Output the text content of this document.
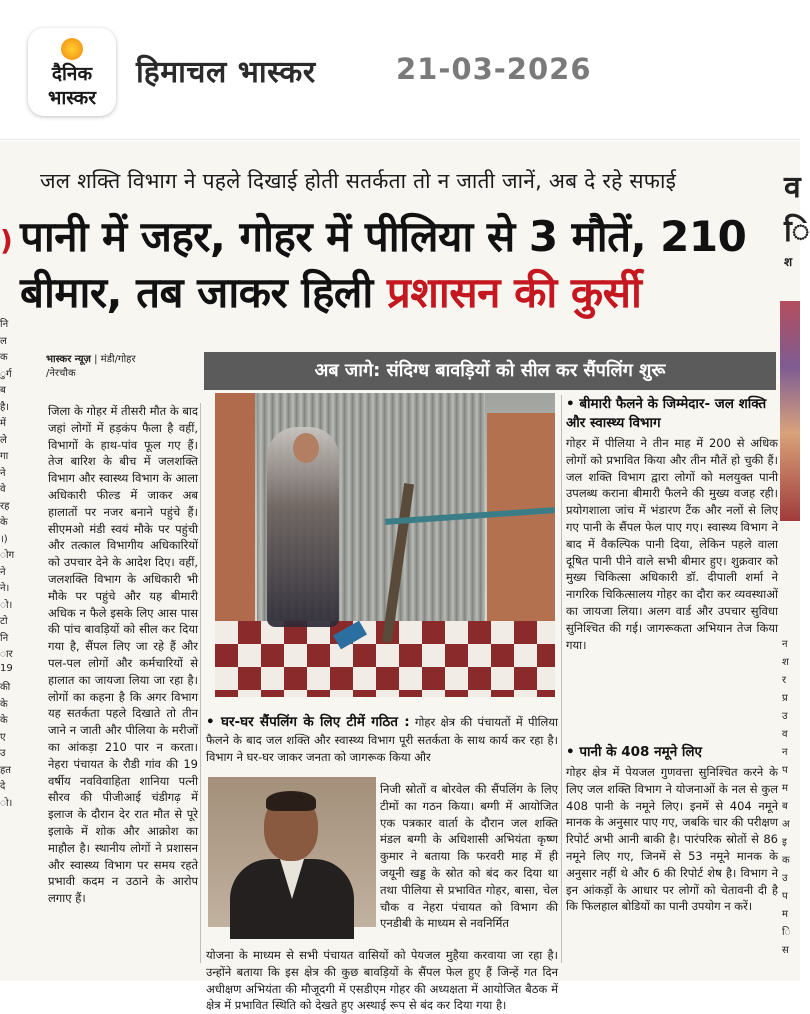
दैनिक
भास्कर
हिमाचल भास्कर	21-03-2026
नि
ल
क
ुर्ग
ब
है।
में
ले
गा
ने
वे
रह
के
।)
ोग
ने
ने।
ो।
टो
नि
ार
19
की
के
के
ए
उ
हत
दे
ो।
)
व
ि
श
न
श
र
प्र
उ
व
न
प
म
ब
अ
इ
क
उ
प
म
ि
स
जल शक्ति विभाग ने पहले दिखाई होती सतर्कता तो न जाती जानें, अब दे रहे सफाई
पानी में जहर, गोहर में पीलिया से 3 मौतें, 210 बीमार, तब जाकर हिली प्रशासन की कुर्सी
भास्कर न्यूज़ | मंडी/गोहर
/नेरचौक	अब जागे: संदिग्ध बावड़ियों को सील कर सैंपलिंग शुरू
जिला के गोहर में तीसरी मौत के बाद जहां लोगों में हड़कंप फैला है वहीं, विभागों के हाथ-पांव फूल गए हैं। तेज बारिश के बीच में जलशक्ति विभाग और स्वास्थ्य विभाग के आला अधिकारी फील्ड में जाकर अब हालातों पर नजर बनाने पहुंचे हैं। सीएमओ मंडी स्वयं मौके पर पहुंची और तत्काल विभागीय अधिकारियों को उपचार देने के आदेश दिए। वहीं, जलशक्ति विभाग के अधिकारी भी मौके पर पहुंचे और यह बीमारी अधिक न फैले इसके लिए आस पास की पांच बावड़ियों को सील कर दिया गया है, सैंपल लिए जा रहे हैं और पल-पल लोगों और कर्मचारियों से हालात का जायजा लिया जा रहा है। लोगों का कहना है कि अगर विभाग यह सतर्कता पहले दिखाते तो तीन जाने न जाती और पीलिया के मरीजों का आंकड़ा 210 पार न करता। नेहरा पंचायत के रौडी गांव की 19 वर्षीय नवविवाहिता शानिया पत्नी सौरव की पीजीआई चंडीगढ़ में इलाज के दौरान देर रात मौत से पूरे इलाके में शोक और आक्रोश का माहौल है। स्थानीय लोगों ने प्रशासन और स्वास्थ्य विभाग पर समय रहते प्रभावी कदम न उठाने के आरोप लगाए हैं।
• घर-घर सैंपलिंग के लिए टीमें गठित : गोहर क्षेत्र की पंचायतों में पीलिया फैलने के बाद जल शक्ति और स्वास्थ्य विभाग पूरी सतर्कता के साथ कार्य कर रहा है। विभाग ने घर-घर जाकर जनता को जागरूक किया और
निजी स्रोतों व बोरवेल की सैंपलिंग के लिए टीमों का गठन किया। बग्गी में आयोजित एक पत्रकार वार्ता के दौरान जल शक्ति मंडल बग्गी के अधिशासी अभियंता कृष्ण कुमार ने बताया कि फरवरी माह में ही जयूनी खड्ड के स्रोत को बंद कर दिया था तथा पीलिया से प्रभावित गोहर, बासा, चेल चौक व नेहरा पंचायत को विभाग की एनडीबी के माध्यम से नवनिर्मित
योजना के माध्यम से सभी पंचायत वासियों को पेयजल मुहैया करवाया जा रहा है।उन्होंने बताया कि इस क्षेत्र की कुछ बावड़ियों के सैंपल फेल हुए हैं जिन्हें गत दिन अधीक्षण अभियंता की मौजूदगी में एसडीएम गोहर की अध्यक्षता में आयोजित बैठक में क्षेत्र में प्रभावित स्थिति को देखते हुए अस्थाई रूप से बंद कर दिया गया है।
• बीमारी फैलने के जिम्मेदार- जल शक्ति और स्वास्थ्य विभाग
गोहर में पीलिया ने तीन माह में 200 से अधिक लोगों को प्रभावित किया और तीन मौतें हो चुकी हैं। जल शक्ति विभाग द्वारा लोगों को मलयुक्त पानी उपलब्ध कराना बीमारी फैलने की मुख्य वजह रही। प्रयोगशाला जांच में भंडारण टैंक और नलों से लिए गए पानी के सैंपल फेल पाए गए। स्वास्थ्य विभाग ने बाद में वैकल्पिक पानी दिया, लेकिन पहले वाला दूषित पानी पीने वाले सभी बीमार हुए। शुक्रवार को मुख्य चिकित्सा अधिकारी डॉ. दीपाली शर्मा ने नागरिक चिकित्सालय गोहर का दौरा कर व्यवस्थाओं का जायजा लिया। अलग वार्ड और उपचार सुविधा सुनिश्चित की गई। जागरूकता अभियान तेज किया गया।
• पानी के 408 नमूने लिए
गोहर क्षेत्र में पेयजल गुणवत्ता सुनिश्चित करने के लिए जल शक्ति विभाग ने योजनाओं के नल से कुल 408 पानी के नमूने लिए। इनमें से 404 नमूने मानक के अनुसार पाए गए, जबकि चार की परीक्षण रिपोर्ट अभी आनी बाकी है। पारंपरिक स्रोतों से 86 नमूने लिए गए, जिनमें से 53 नमूने मानक के अनुसार नहीं थे और 6 की रिपोर्ट शेष है। विभाग ने इन आंकड़ों के आधार पर लोगों को चेतावनी दी है कि फिलहाल बोडियों का पानी उपयोग न करें।
